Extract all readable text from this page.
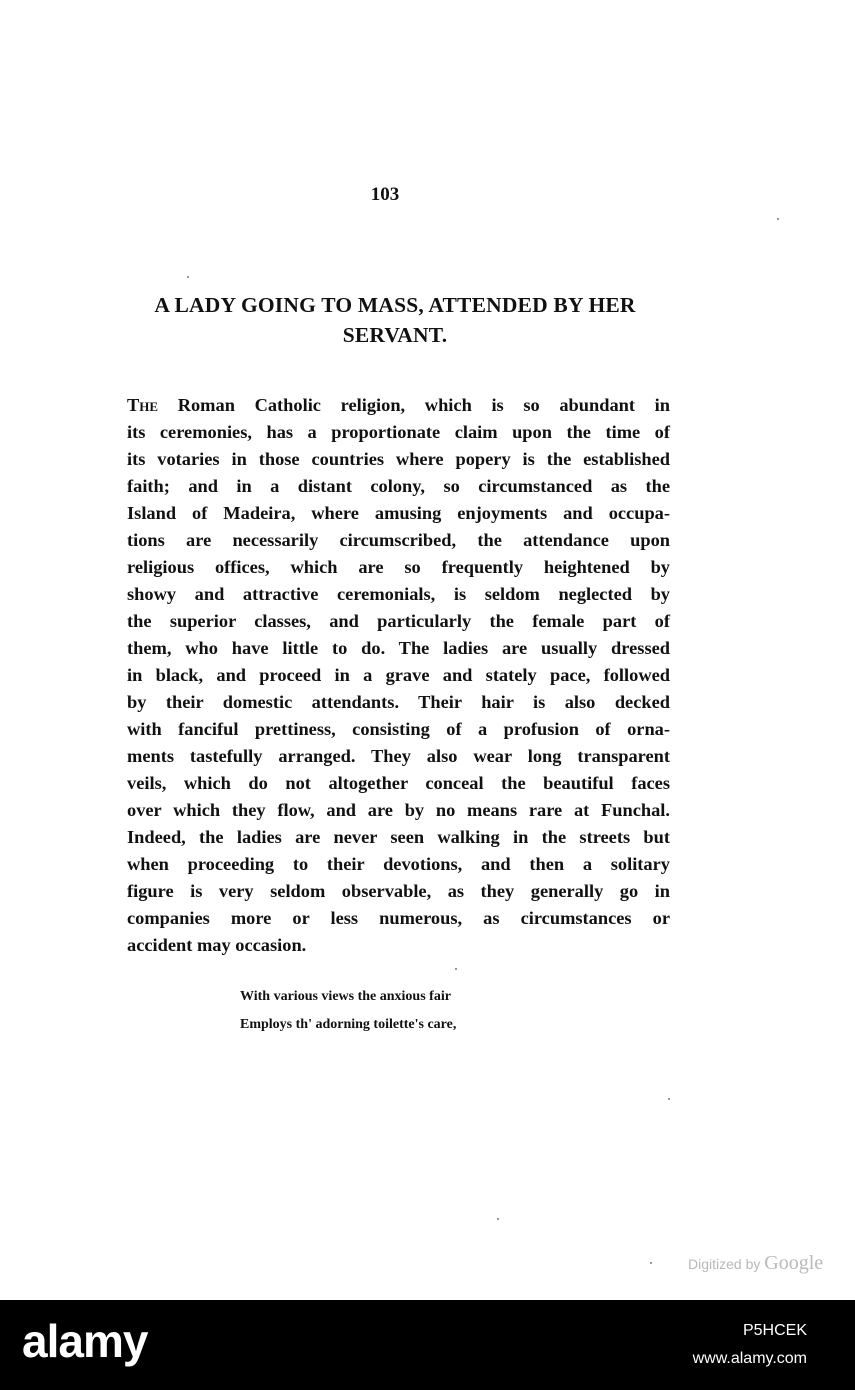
103
A LADY GOING TO MASS, ATTENDED BY HER SERVANT.
The Roman Catholic religion, which is so abundant in
its ceremonies, has a proportionate claim upon the time of
its votaries in those countries where popery is the established
faith; and in a distant colony, so circumstanced as the
Island of Madeira, where amusing enjoyments and occupa-
tions are necessarily circumscribed, the attendance upon
religious offices, which are so frequently heightened by
showy and attractive ceremonials, is seldom neglected by
the superior classes, and particularly the female part of
them, who have little to do. The ladies are usually dressed
in black, and proceed in a grave and stately pace, followed
by their domestic attendants. Their hair is also decked
with fanciful prettiness, consisting of a profusion of orna-
ments tastefully arranged. They also wear long transparent
veils, which do not altogether conceal the beautiful faces
over which they flow, and are by no means rare at Funchal.
Indeed, the ladies are never seen walking in the streets but
when proceeding to their devotions, and then a solitary
figure is very seldom observable, as they generally go in
companies more or less numerous, as circumstances or
accident may occasion.
With various views the anxious fair
Employs th' adorning toilette's care,
Digitized by Google
alamy	P5HCEK
www.alamy.com
